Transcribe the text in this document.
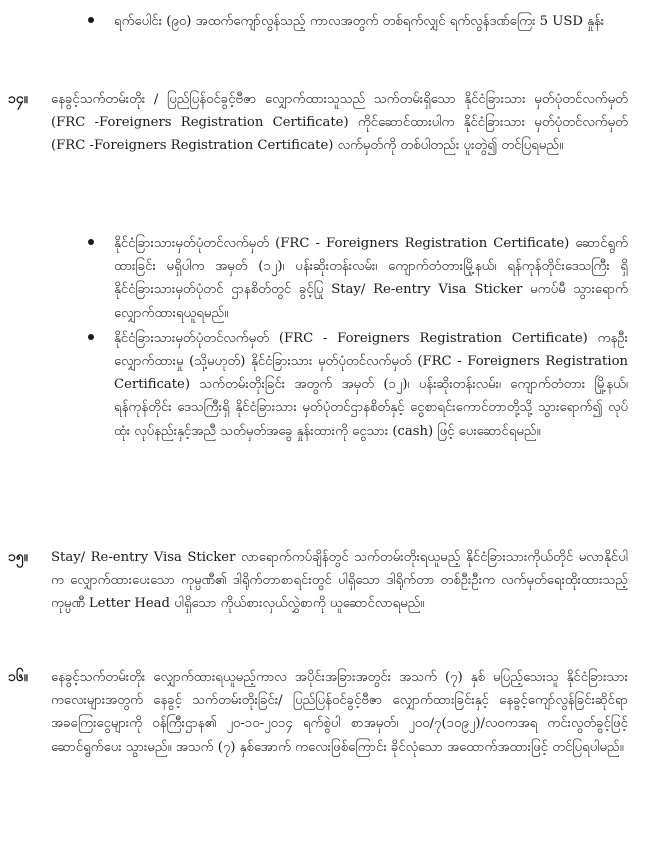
ရက်ပေါင်း (၉၀) အထက်ကျော်လွန်သည့် ကာလအတွက် တစ်ရက်လျှင် ရက်လွန်ဒဏ်ကြေး 5 USD နှုန်း
၁၄။ နေခွင့်သက်တမ်းတိုး / ပြည်ပြန်ဝင်ခွင့်ဗီဇာ လျှောက်ထားသူသည် သက်တမ်းရှိသော နိုင်ငံခြားသား မှတ်ပုံတင်လက်မှတ် (FRC -Foreigners Registration Certificate) ကိုင်ဆောင်ထားပါက နိုင်ငံခြားသား မှတ်ပုံတင်လက်မှတ် (FRC -Foreigners Registration Certificate) လက်မှတ်ကို တစ်ပါတည်း ပူးတွဲ၍ တင်ပြရမည်။
နိုင်ငံခြားသားမှတ်ပုံတင်လက်မှတ် (FRC - Foreigners Registration Certificate) ဆောင်ရွက်ထားခြင်း မရှိပါက အမှတ် (၁၂)၊ ပန်းဆိုးတန်းလမ်း၊ ကျောက်တံတားမြို့နယ်၊ ရန်ကုန်တိုင်းဒေသကြီး ရှိ နိုင်ငံခြားသားမှတ်ပုံတင် ဌာနစိတ်တွင် ခွင့်ပြု Stay/ Re-entry Visa Sticker မကပ်မီ သွားရောက် လျှောက်ထားရယူရမည်။
နိုင်ငံခြားသားမှတ်ပုံတင်လက်မှတ် (FRC - Foreigners Registration Certificate) ကနဦး လျှောက်ထားမှု (သို့မဟုတ်) နိုင်ငံခြားသား မှတ်ပုံတင်လက်မှတ် (FRC - Foreigners Registration Certificate) သက်တမ်းတိုးခြင်း အတွက် အမှတ် (၁၂)၊ ပန်းဆိုးတန်းလမ်း၊ ကျောက်တံတား မြို့နယ်၊ ရန်ကုန်တိုင်း ဒေသကြီးရှိ နိုင်ငံခြားသား မှတ်ပုံတင်ဌာနစိတ်နှင့် ငွေစာရင်းကောင်တာတို့သို့ သွားရောက်၍ လုပ်ထုံး လုပ်နည်းနှင့်အညီ သတ်မှတ်အခွေ နှုန်းထားကို ငွေသား (cash) ဖြင့် ပေးဆောင်ရမည်။
၁၅။ Stay/ Re-entry Visa Sticker လာရောက်ကပ်ချိန်တွင် သက်တမ်းတိုးရယူမည့် နိုင်ငံခြားသားကိုယ်တိုင် မလာနိုင်ပါက လျှောက်ထားပေးသော ကုမ္ပဏီ၏ ဒါရိုက်တာစာရင်းတွင် ပါရှိသော ဒါရိုက်တာ တစ်ဦးဦးက လက်မှတ်ရေးထိုးထားသည့် ကုမ္ပဏီ Letter Head ပါရှိသော ကိုယ်စားလှယ်လွှဲစာကို ယူဆောင်လာရမည်။
၁၆။ နေခွင့်သက်တမ်းတိုး လျှောက်ထားရယူမည့်ကာလ အပိုင်းအခြားအတွင်း အသက် (၇) နှစ် မပြည့်သေးသူ နိုင်ငံခြားသား ကလေးများအတွက် နေခွင့် သက်တမ်းတိုးခြင်း/ ပြည်ပြန်ဝင်ခွင့်ဗီဇာ လျှောက်ထားခြင်းနှင့် နေခွင့်ကျော်လွန်ခြင်းဆိုင်ရာ အခကြေးငွေများကို ဝန်ကြီးဌာန၏ ၂၀-၁၀-၂၀၁၄ ရက်စွဲပါ စာအမှတ်၊ ၂၀၀/၇(၁၀၉၂)/လဝကအရ ကင်းလွတ်ခွင့်ဖြင့် ဆောင်ရွက်ပေး သွားမည်။ အသက် (၇) နှစ်အောက် ကလေးဖြစ်ကြောင်း ခိုင်လုံသော အထောက်အထားဖြင့် တင်ပြရပါမည်။
